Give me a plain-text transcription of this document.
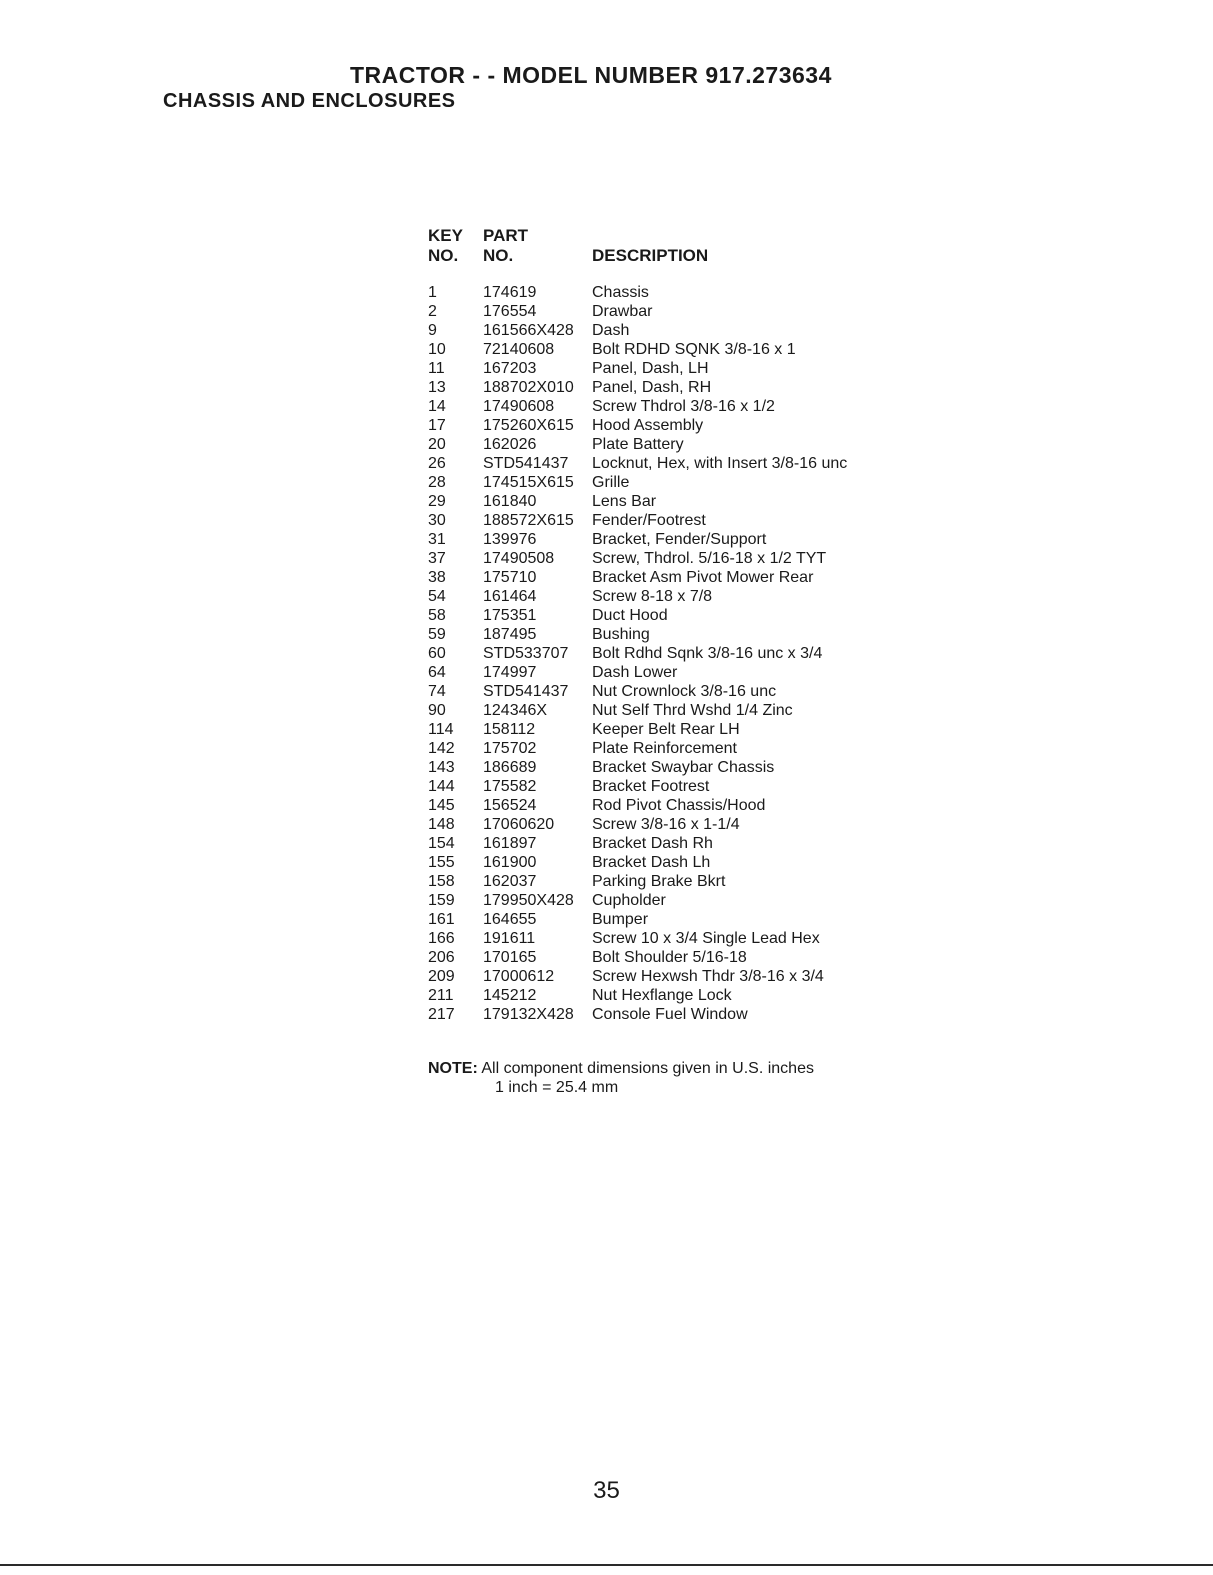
TRACTOR - - MODEL NUMBER 917.273634
CHASSIS AND ENCLOSURES
KEY	PART
NO.	NO.	DESCRIPTION
1	174619	Chassis
2	176554	Drawbar
9	161566X428	Dash
10	72140608	Bolt RDHD SQNK 3/8-16 x 1
11	167203	Panel, Dash, LH
13	188702X010	Panel, Dash, RH
14	17490608	Screw Thdrol 3/8-16 x 1/2
17	175260X615	Hood Assembly
20	162026	Plate Battery
26	STD541437	Locknut, Hex, with Insert 3/8-16 unc
28	174515X615	Grille
29	161840	Lens Bar
30	188572X615	Fender/Footrest
31	139976	Bracket, Fender/Support
37	17490508	Screw, Thdrol. 5/16-18 x 1/2 TYT
38	175710	Bracket Asm Pivot Mower Rear
54	161464	Screw 8-18 x 7/8
58	175351	Duct Hood
59	187495	Bushing
60	STD533707	Bolt Rdhd Sqnk 3/8-16 unc x 3/4
64	174997	Dash Lower
74	STD541437	Nut Crownlock 3/8-16 unc
90	124346X	Nut Self Thrd Wshd 1/4 Zinc
114	158112	Keeper Belt Rear LH
142	175702	Plate Reinforcement
143	186689	Bracket Swaybar Chassis
144	175582	Bracket Footrest
145	156524	Rod Pivot Chassis/Hood
148	17060620	Screw 3/8-16 x 1-1/4
154	161897	Bracket Dash Rh
155	161900	Bracket Dash Lh
158	162037	Parking Brake Bkrt
159	179950X428	Cupholder
161	164655	Bumper
166	191611	Screw 10 x 3/4 Single Lead Hex
206	170165	Bolt Shoulder 5/16-18
209	17000612	Screw Hexwsh Thdr 3/8-16 x 3/4
211	145212	Nut Hexflange Lock
217	179132X428	Console Fuel Window
NOTE: All component dimensions given in U.S. inches
1 inch = 25.4 mm
35
